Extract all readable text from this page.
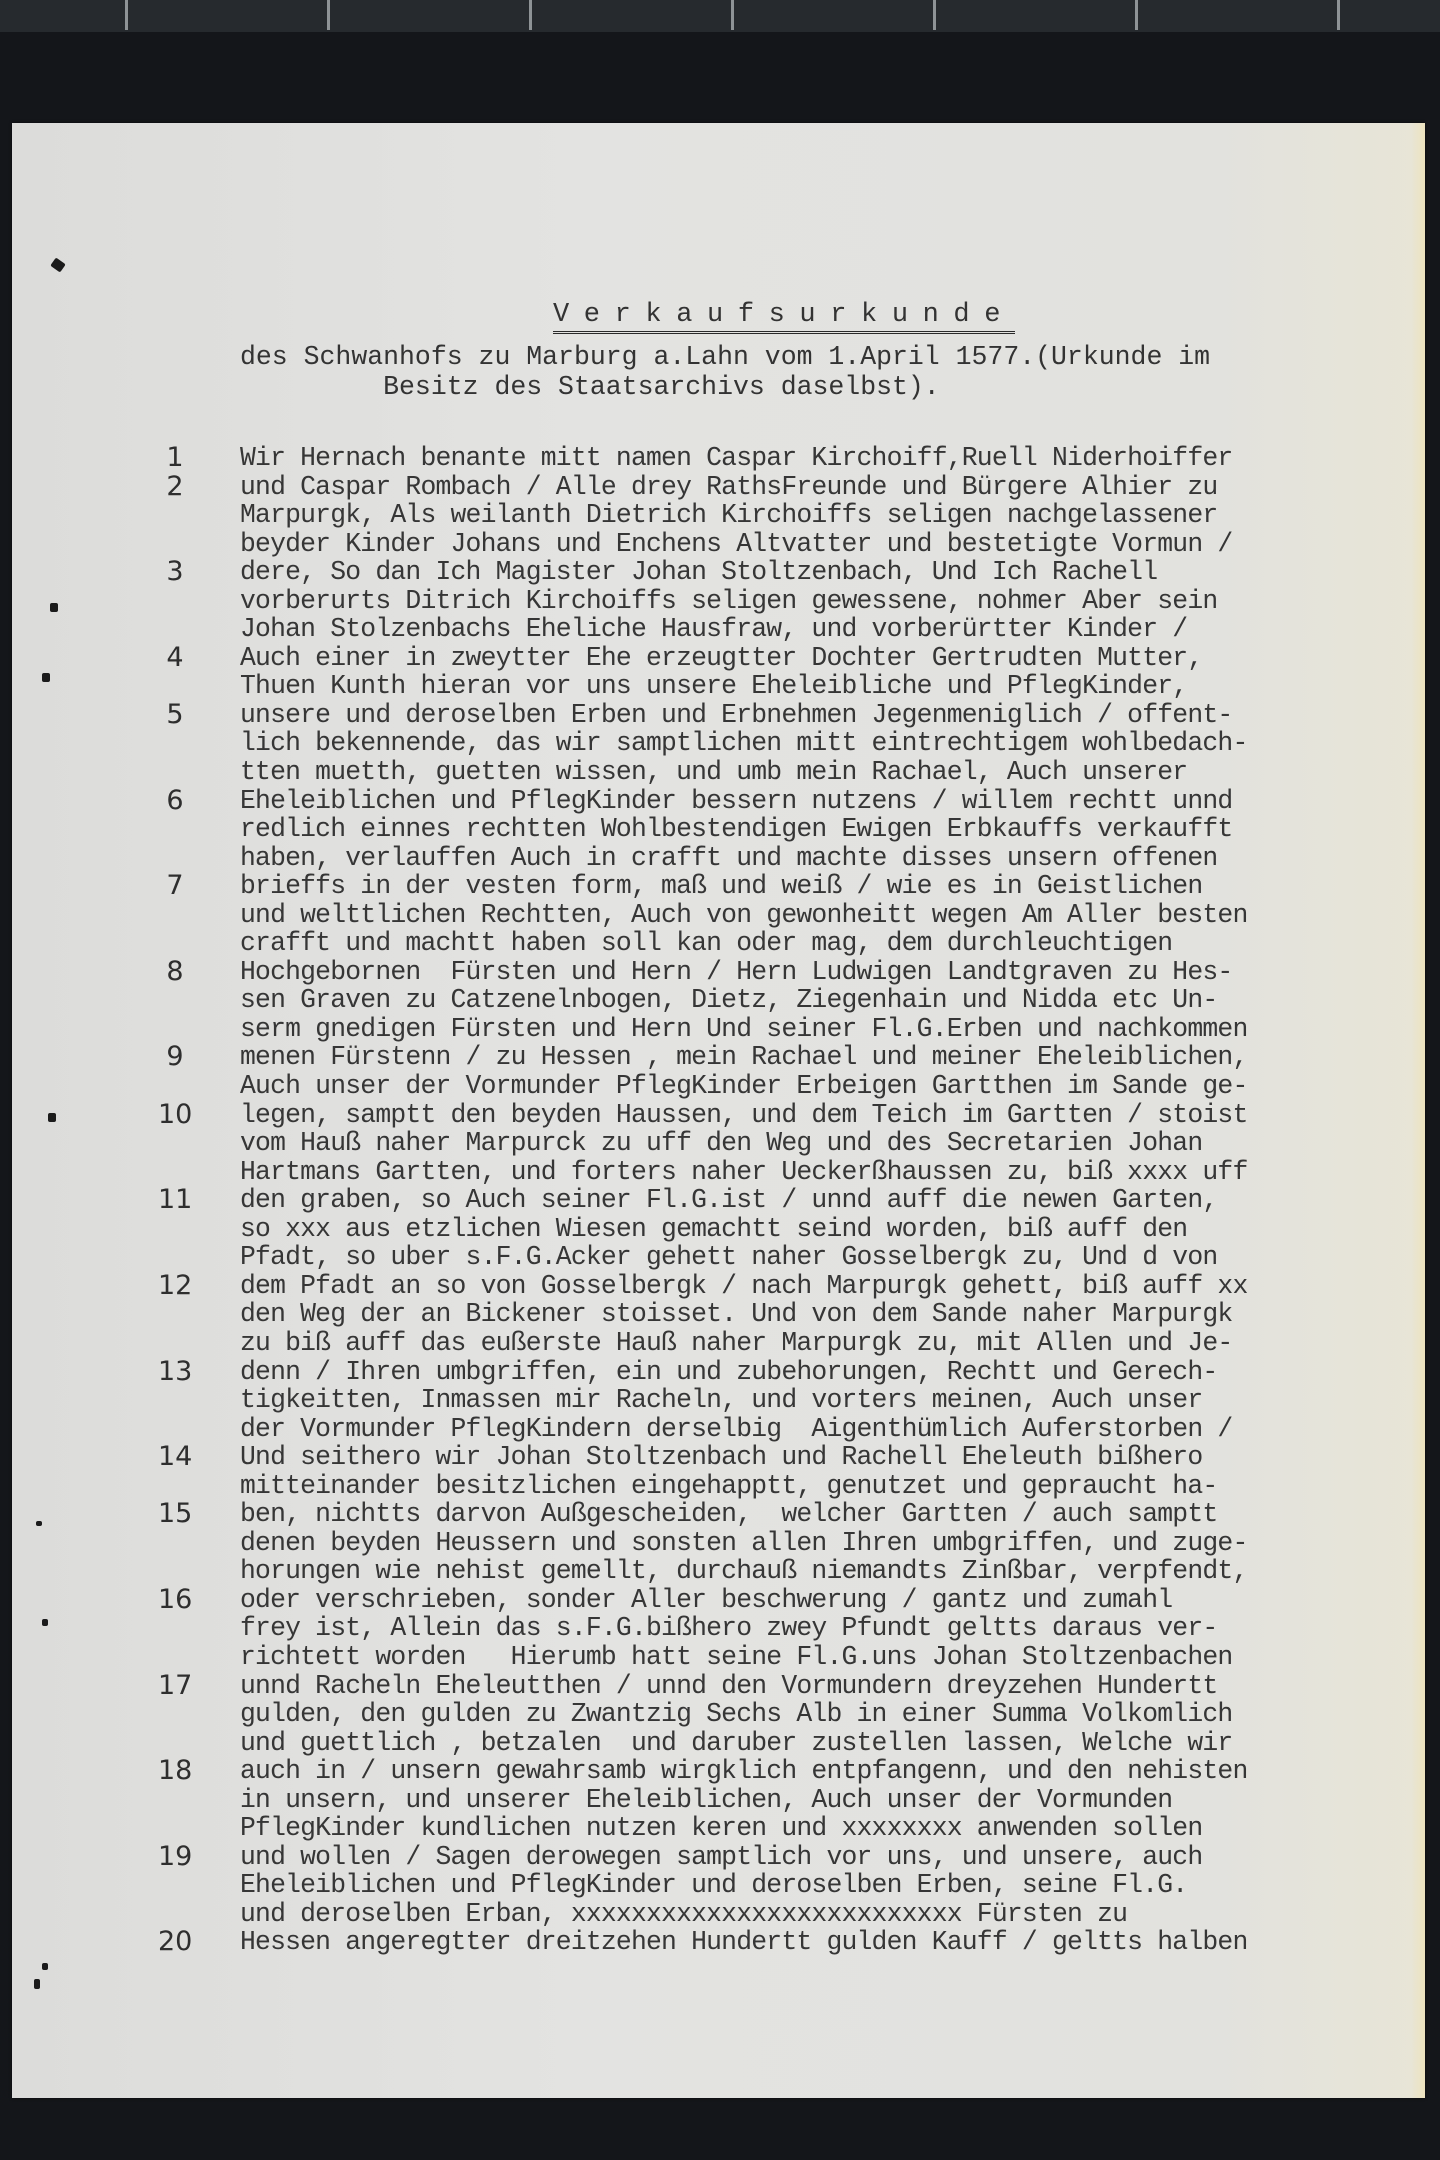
Verkaufsurkunde
des Schwanhofs zu Marburg a.Lahn vom 1.April 1577.(Urkunde im
Besitz des Staatsarchivs daselbst).
1	Wir Hernach benante mitt namen Caspar Kirchoiff,Ruell Niderhoiffer
2	und Caspar Rombach / Alle drey RathsFreunde und Bürgere Alhier zu
Marpurgk, Als weilanth Dietrich Kirchoiffs seligen nachgelassener
beyder Kinder Johans und Enchens Altvatter und bestetigte Vormun /
3	dere, So dan Ich Magister Johan Stoltzenbach, Und Ich Rachell
vorberurts Ditrich Kirchoiffs seligen gewessene, nohmer Aber sein
Johan Stolzenbachs Eheliche Hausfraw, und vorberürtter Kinder /
4	Auch einer in zweytter Ehe erzeugtter Dochter Gertrudten Mutter,
Thuen Kunth hieran vor uns unsere Eheleibliche und PflegKinder,
5	unsere und deroselben Erben und Erbnehmen Jegenmeniglich / offent-
lich bekennende, das wir samptlichen mitt eintrechtigem wohlbedach-
tten muetth, guetten wissen, und umb mein Rachael, Auch unserer
6	Eheleiblichen und PflegKinder bessern nutzens / willem rechtt unnd
redlich einnes rechtten Wohlbestendigen Ewigen Erbkauffs verkaufft
haben, verlauffen Auch in crafft und machte disses unsern offenen
7	brieffs in der vesten form, maß und weiß / wie es in Geistlichen
und welttlichen Rechtten, Auch von gewonheitt wegen Am Aller besten
crafft und machtt haben soll kan oder mag, dem durchleuchtigen
8	Hochgebornen  Fürsten und Hern / Hern Ludwigen Landtgraven zu Hes-
sen Graven zu Catzenelnbogen, Dietz, Ziegenhain und Nidda etc Un-
serm gnedigen Fürsten und Hern Und seiner Fl.G.Erben und nachkommen
9	menen Fürstenn / zu Hessen , mein Rachael und meiner Eheleiblichen,
Auch unser der Vormunder PflegKinder Erbeigen Gartthen im Sande ge-
10 legen, samptt den beyden Haussen, und dem Teich im Gartten / stoist
vom Hauß naher Marpurck zu uff den Weg und des Secretarien Johan
Hartmans Gartten, und forters naher Ueckerßhaussen zu, biß xxxx uff
11 den graben, so Auch seiner Fl.G.ist / unnd auff die newen Garten,
so xxx aus etzlichen Wiesen gemachtt seind worden, biß auff den
Pfadt, so uber s.F.G.Acker gehett naher Gosselbergk zu, Und d von
12 dem Pfadt an so von Gosselbergk / nach Marpurgk gehett, biß auff xx
den Weg der an Bickener stoisset. Und von dem Sande naher Marpurgk
zu biß auff das eußerste Hauß naher Marpurgk zu, mit Allen und Je-
13 denn / Ihren umbgriffen, ein und zubehorungen, Rechtt und Gerech-
tigkeitten, Inmassen mir Racheln, und vorters meinen, Auch unser
der Vormunder PflegKindern derselbig  Aigenthümlich Auferstorben /
14 Und seithero wir Johan Stoltzenbach und Rachell Eheleuth bißhero
mitteinander besitzlichen eingehapptt, genutzet und gepraucht ha-
15 ben, nichtts darvon Außgescheiden,  welcher Gartten / auch samptt
denen beyden Heussern und sonsten allen Ihren umbgriffen, und zuge-
horungen wie nehist gemellt, durchauß niemandts Zinßbar, verpfendt,
16 oder verschrieben, sonder Aller beschwerung / gantz und zumahl
frey ist, Allein das s.F.G.bißhero zwey Pfundt geltts daraus ver-
richtett worden   Hierumb hatt seine Fl.G.uns Johan Stoltzenbachen
17 unnd Racheln Eheleutthen / unnd den Vormundern dreyzehen Hundertt
gulden, den gulden zu Zwantzig Sechs Alb in einer Summa Volkomlich
und guettlich , betzalen  und daruber zustellen lassen, Welche wir
18 auch in / unsern gewahrsamb wirgklich entpfangenn, und den nehisten
in unsern, und unserer Eheleiblichen, Auch unser der Vormunden
PflegKinder kundlichen nutzen keren und xxxxxxxx anwenden sollen
19 und wollen / Sagen derowegen samptlich vor uns, und unsere, auch
Eheleiblichen und PflegKinder und deroselben Erben, seine Fl.G.
und deroselben Erban, xxxxxxxxxxxxxxxxxxxxxxxxxx Fürsten zu
20 Hessen angeregtter dreitzehen Hundertt gulden Kauff / geltts halben
